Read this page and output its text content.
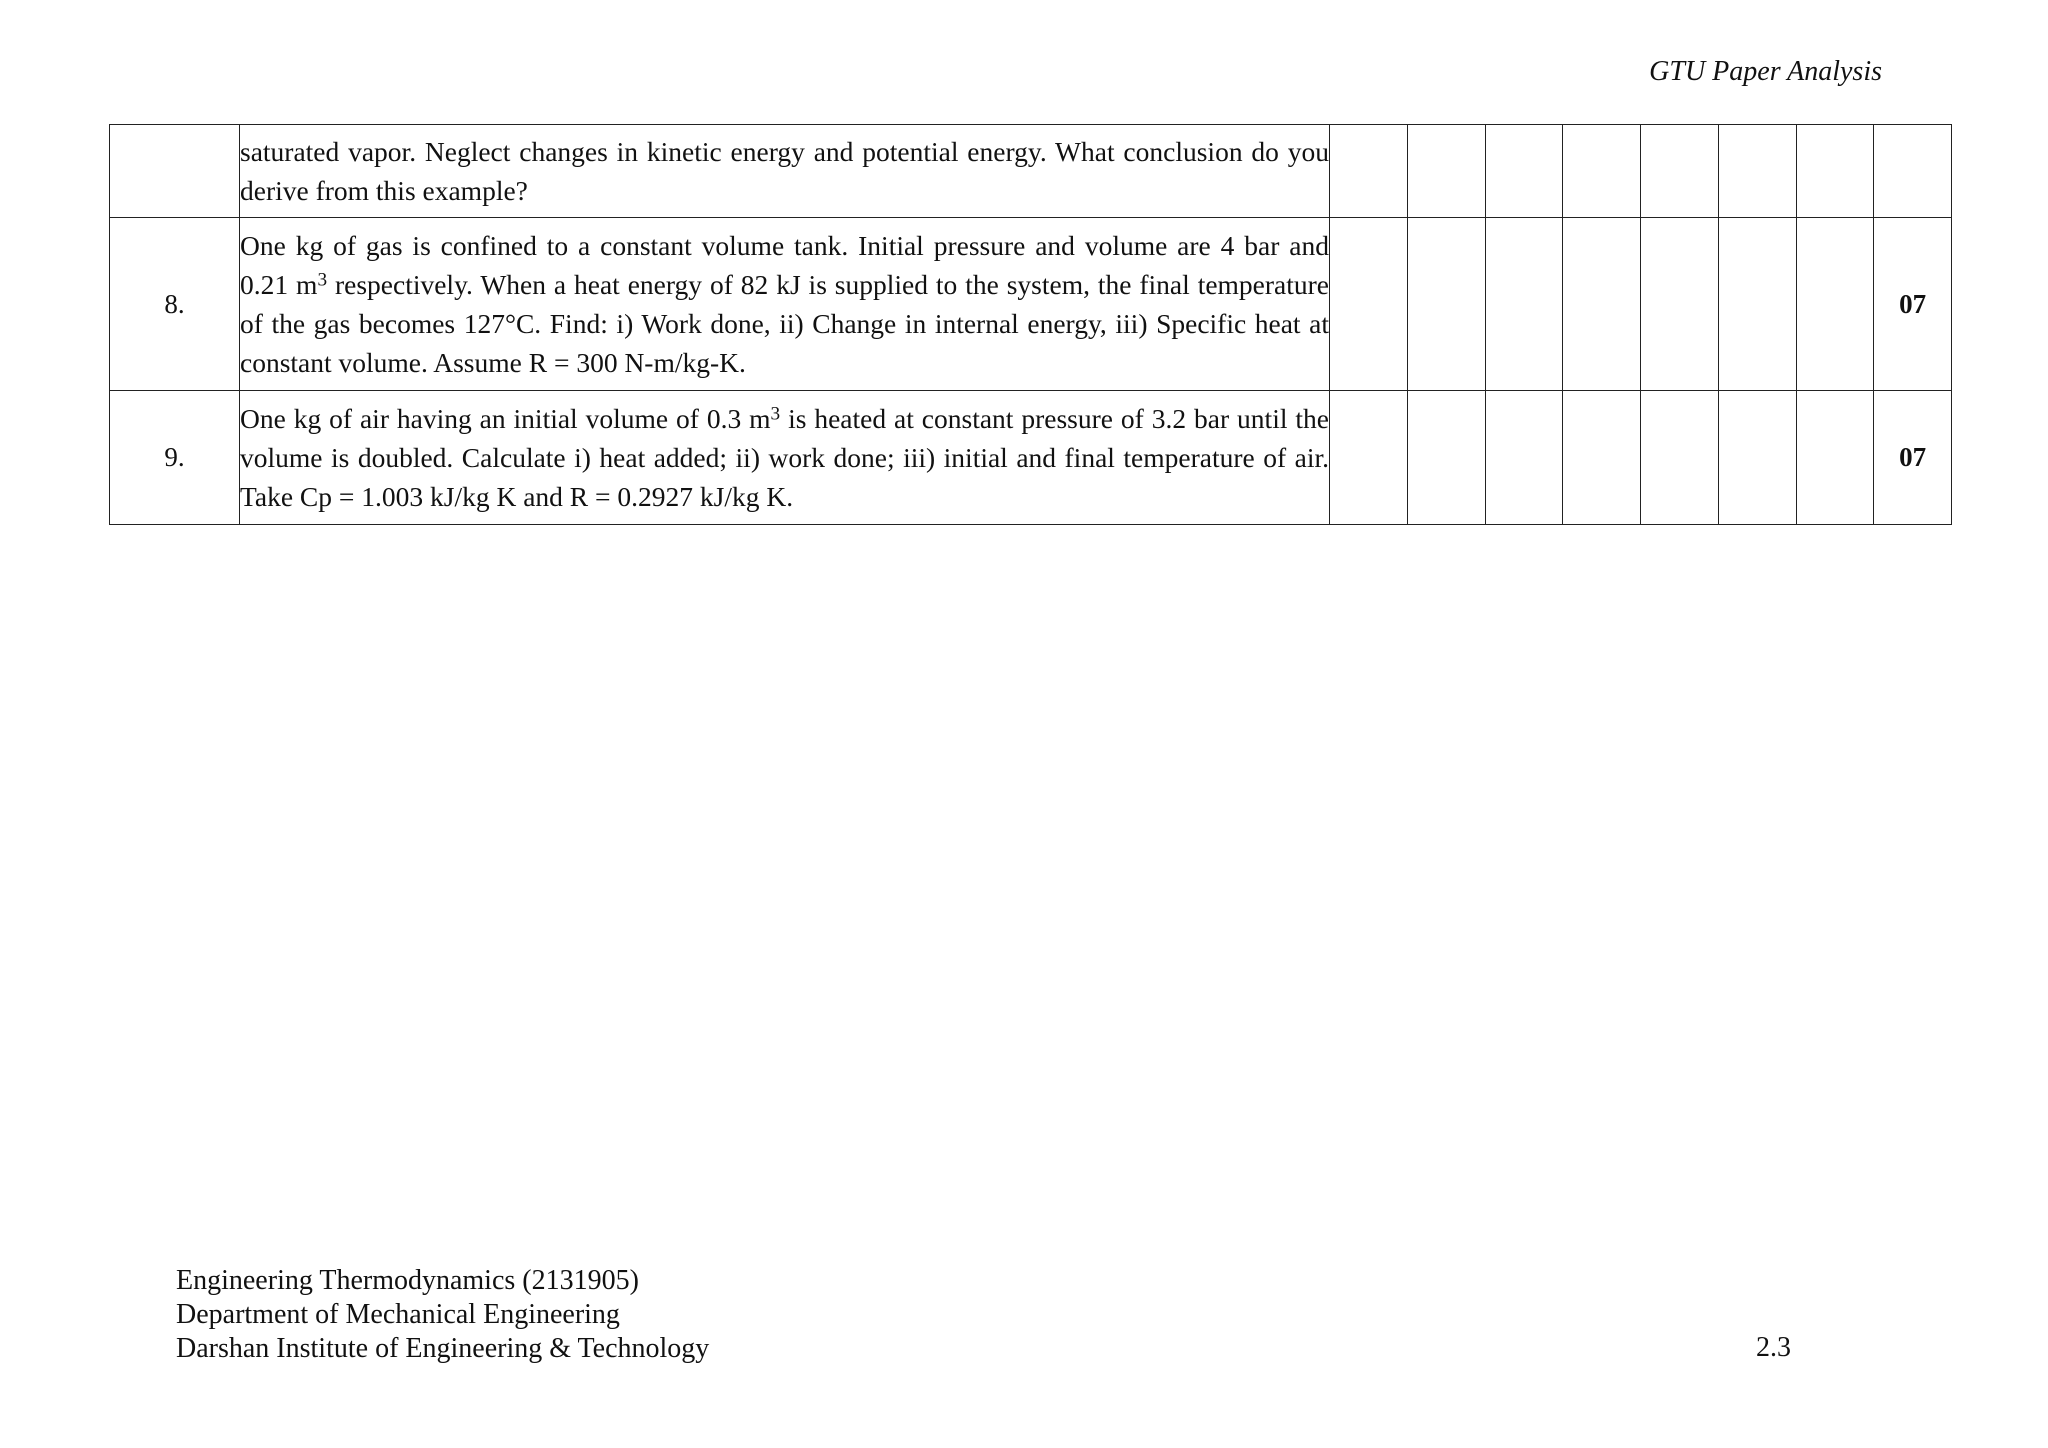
GTU Paper Analysis
	saturated vapor. Neglect changes in kinetic energy and potential energy. What conclusion do you derive from this example?								
8.	One kg of gas is confined to a constant volume tank. Initial pressure and volume are 4 bar and 0.21 $m^3$ respectively. When a heat energy of 82 kJ is supplied to the system, the final temperature of the gas becomes 127°C. Find: i) Work done, ii) Change in internal energy, iii) Specific heat at constant volume. Assume R = 300 N-m/kg-K.								07
9.	One kg of air having an initial volume of 0.3 $m^3$ is heated at constant pressure of 3.2 bar until the volume is doubled. Calculate i) heat added; ii) work done; iii) initial and final temperature of air. Take Cp = 1.003 kJ/kg K and R = 0.2927 kJ/kg K.								07
Engineering Thermodynamics (2131905)
Department of Mechanical Engineering
Darshan Institute of Engineering & Technology	2.3
